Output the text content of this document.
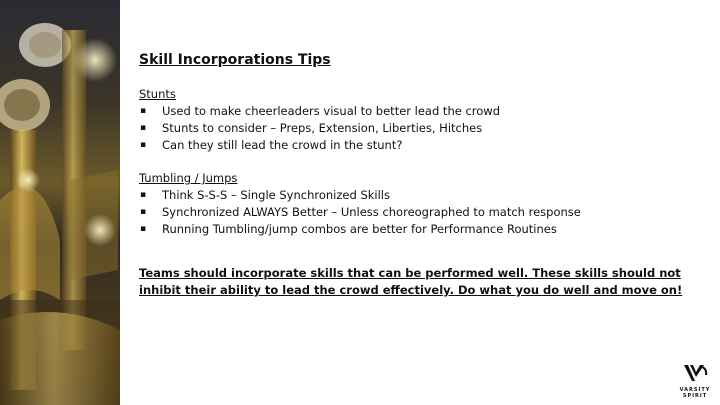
Skill Incorporations Tips
Stunts
▪ Used to make cheerleaders visual to better lead the crowd
▪ Stunts to consider – Preps, Extension, Liberties, Hitches
▪ Can they still lead the crowd in the stunt?
Tumbling / Jumps
▪ Think S-S-S – Single Synchronized Skills
▪ Synchronized ALWAYS Better – Unless choreographed to match response
▪ Running Tumbling/jump combos are better for Performance Routines
Teams should incorporate skills that can be performed well. These skills should not inhibit their ability to lead the crowd effectively. Do what you do well and move on!
VARSITY
SPIRIT
